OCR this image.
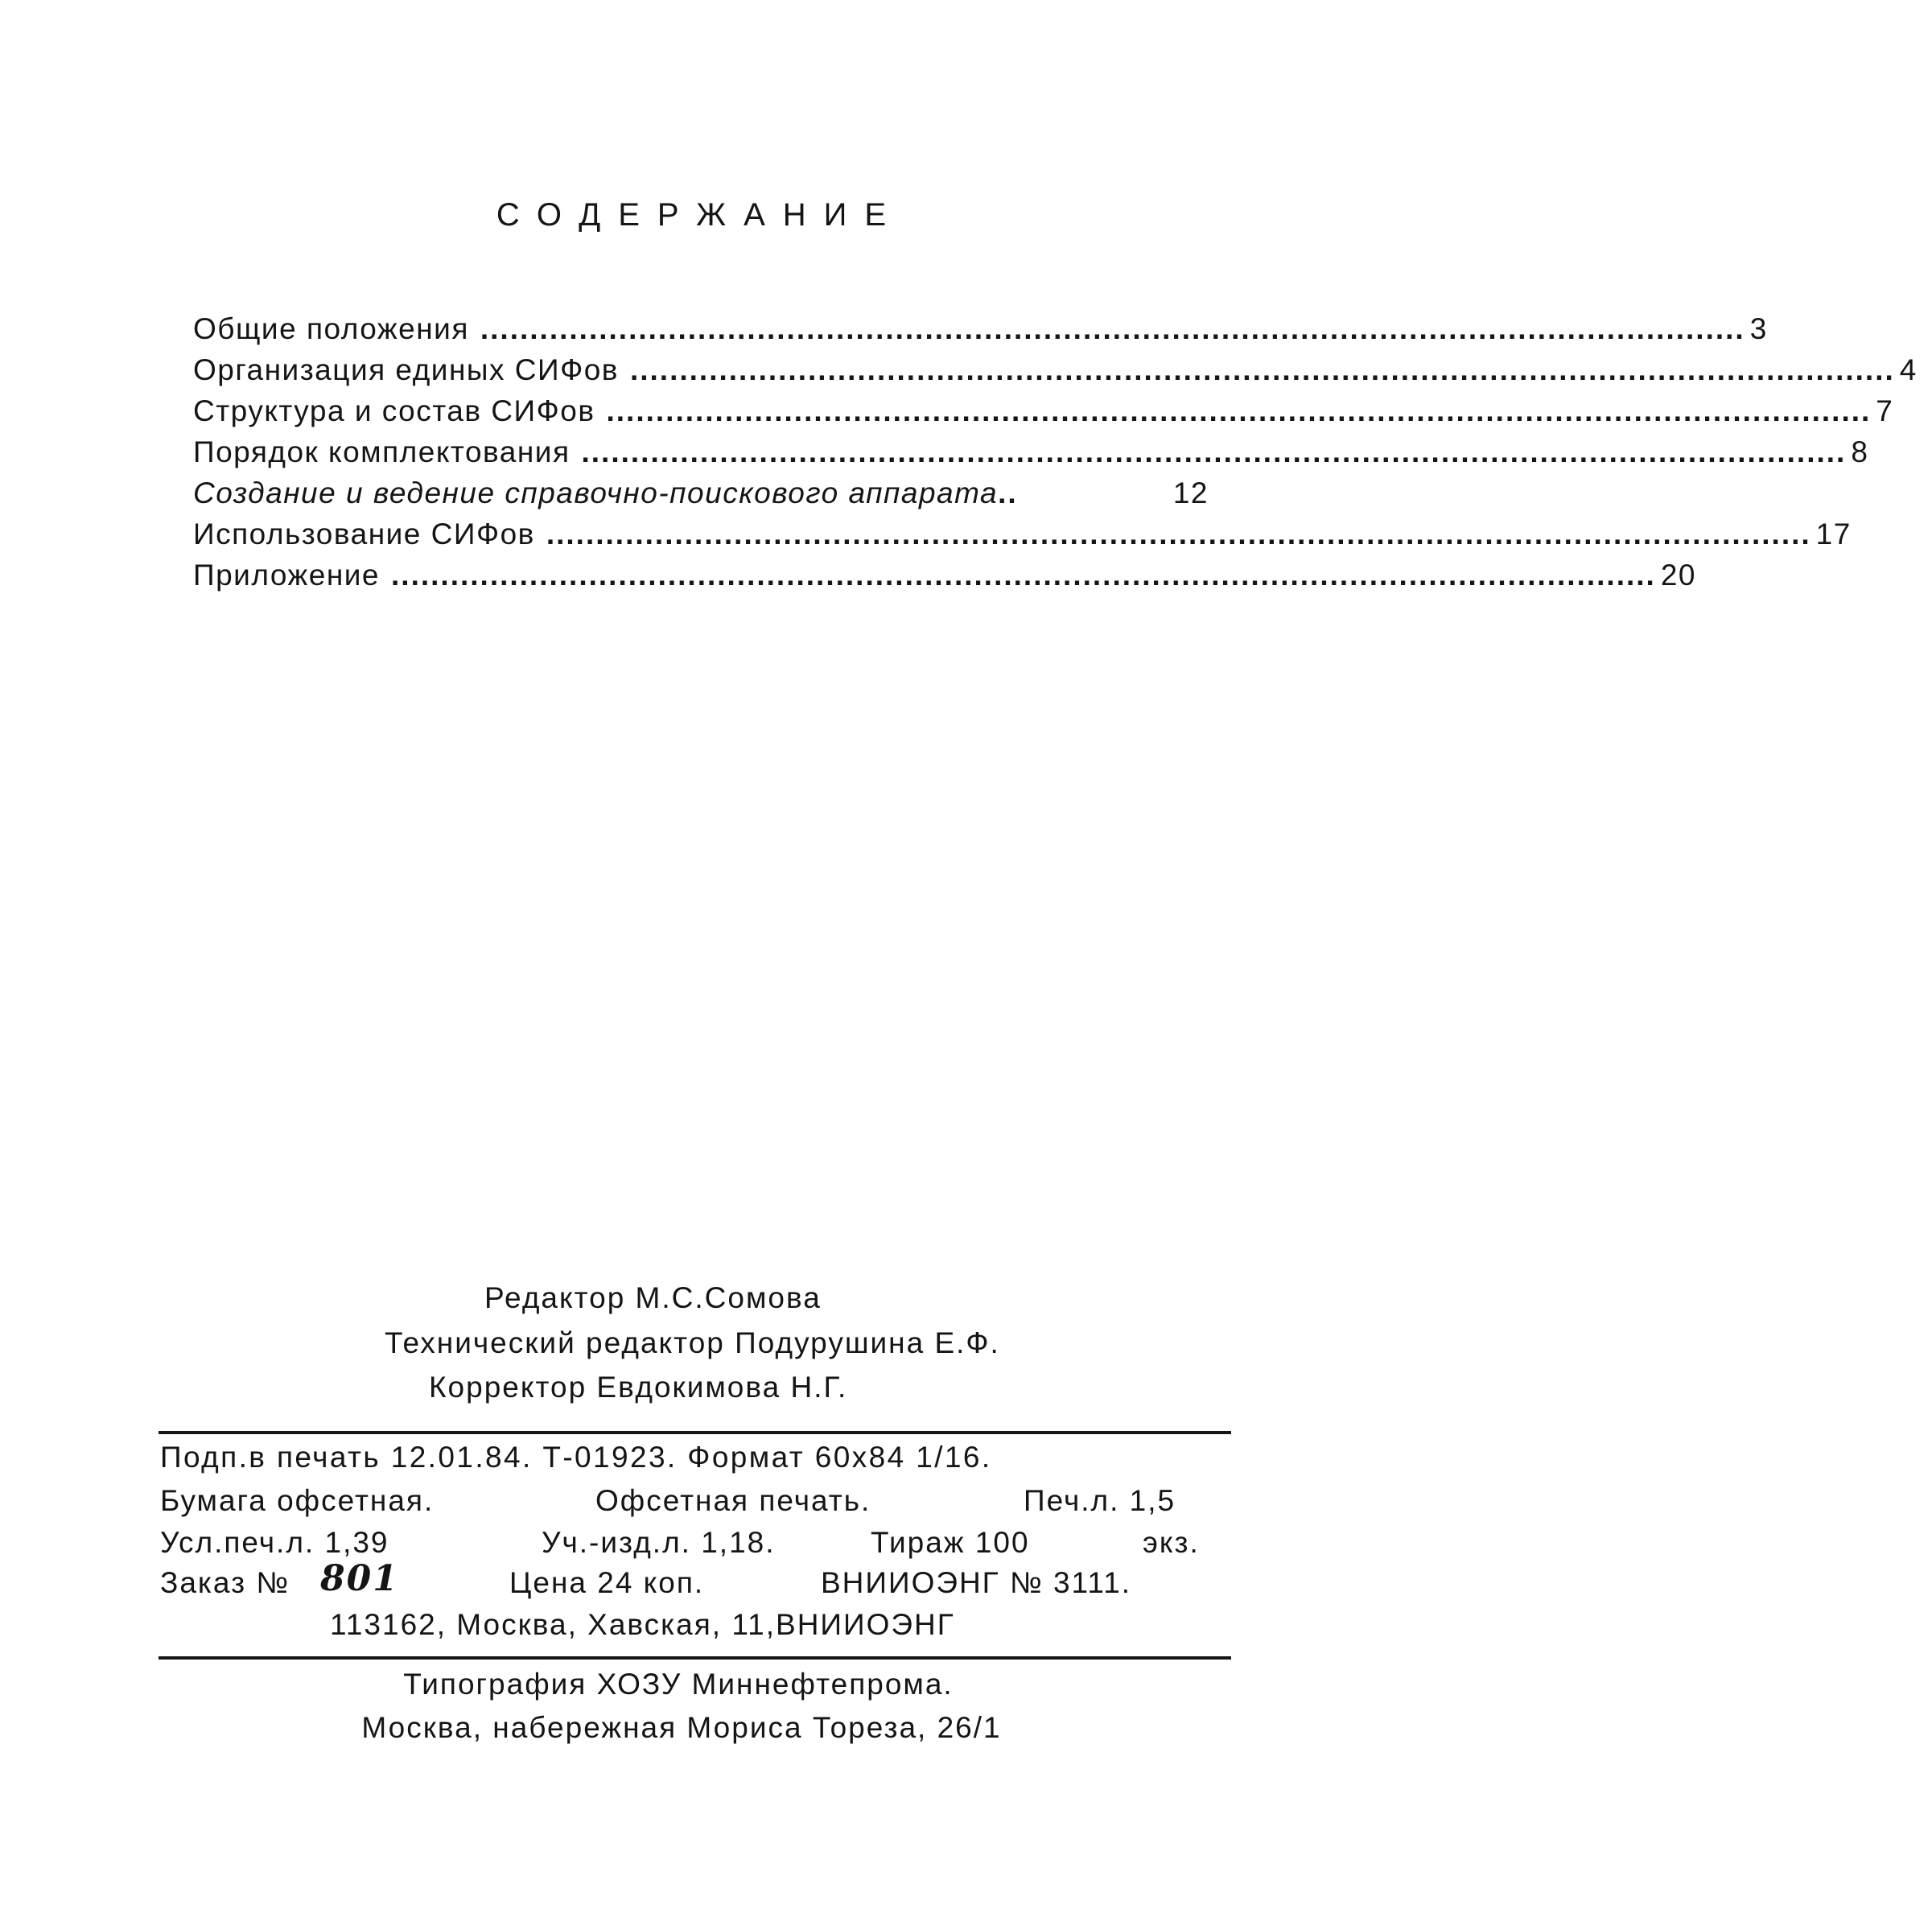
СОДЕРЖАНИЕ
Общие положения ................................................................................................................................ 3
Организация единых СИФов ................................................................................................................................ 4
Структура и состав СИФов ................................................................................................................................ 7
Порядок комплектования ................................................................................................................................ 8
Создание и ведение справочно-поискового аппарата ..	12
Использование СИФов ................................................................................................................................ 17
Приложение ................................................................................................................................ 20
Редактор М.С.Сомова
Технический редактор Подурушина Е.Ф.
Корректор Евдокимова Н.Г.
Подп.в печать 12.01.84. Т-01923. Формат 60х84 1/16.
Бумага офсетная.	Офсетная печать.	Печ.л. 1,5
Усл.печ.л. 1,39	Уч.-изд.л. 1,18.	Тираж 100	экз.
Заказ № 801	Цена 24 коп.	ВНИИОЭНГ № 3111.
113162, Москва, Хавская, 11,ВНИИОЭНГ
Типография ХОЗУ Миннефтепрома.
Москва, набережная Мориса Тореза, 26/1
